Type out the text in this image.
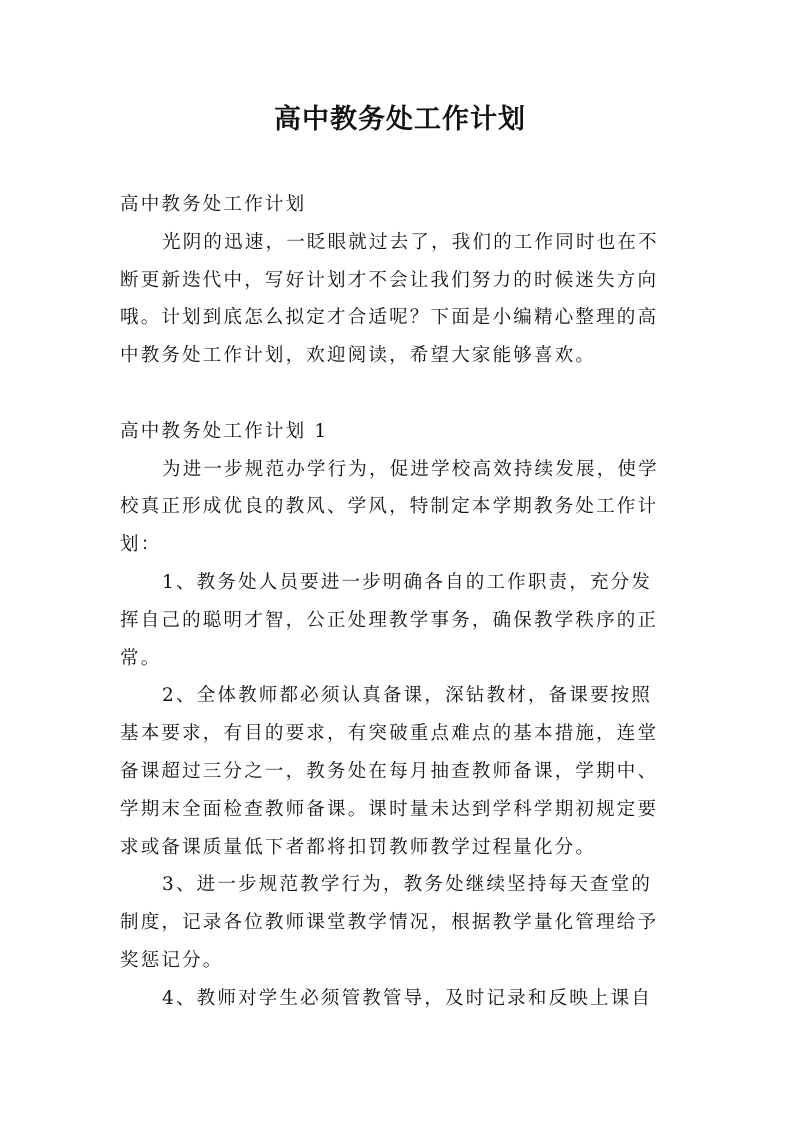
高中教务处工作计划
高中教务处工作计划
光阴的迅速，一眨眼就过去了，我们的工作同时也在不
断更新迭代中，写好计划才不会让我们努力的时候迷失方向
哦。计划到底怎么拟定才合适呢？下面是小编精心整理的高
中教务处工作计划，欢迎阅读，希望大家能够喜欢。
高中教务处工作计划 1
为进一步规范办学行为，促进学校高效持续发展，使学
校真正形成优良的教风、学风，特制定本学期教务处工作计
划：
1、教务处人员要进一步明确各自的工作职责，充分发
挥自己的聪明才智，公正处理教学事务，确保教学秩序的正
常。
2、全体教师都必须认真备课，深钻教材，备课要按照
基本要求，有目的要求，有突破重点难点的基本措施，连堂
备课超过三分之一，教务处在每月抽查教师备课，学期中、
学期末全面检查教师备课。课时量未达到学科学期初规定要
求或备课质量低下者都将扣罚教师教学过程量化分。
3、进一步规范教学行为，教务处继续坚持每天查堂的
制度，记录各位教师课堂教学情况，根据教学量化管理给予
奖惩记分。
4、教师对学生必须管教管导，及时记录和反映上课自
